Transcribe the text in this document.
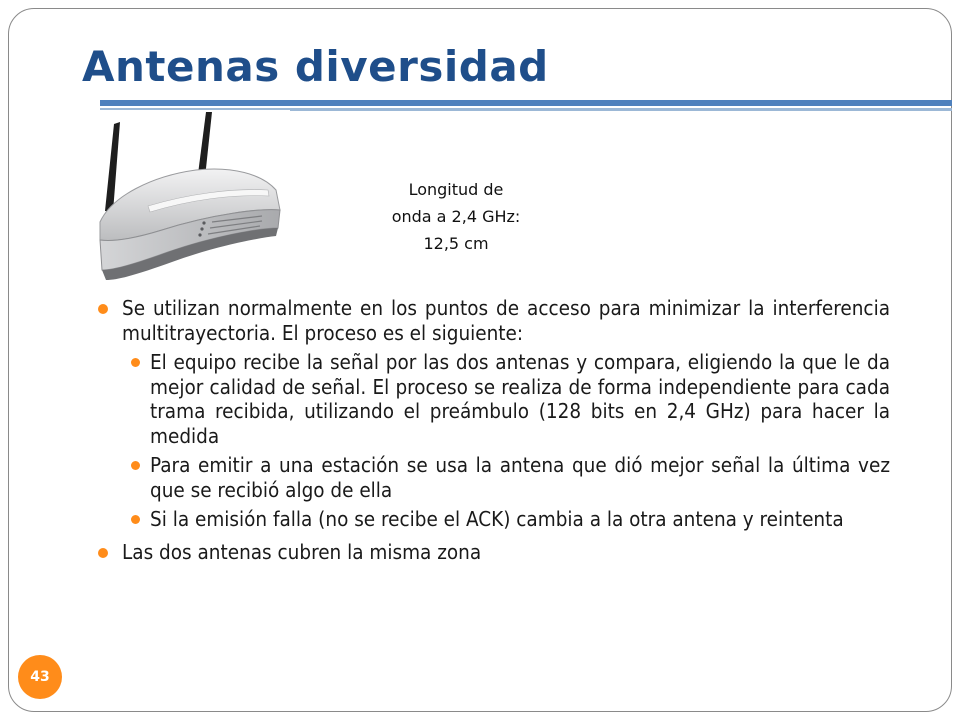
Antenas diversidad
Longitud de
onda a 2,4 GHz:
12,5 cm
Se utilizan normalmente en los puntos de acceso para minimizar la interferencia multitrayectoria. El proceso es el siguiente:
El equipo recibe la señal por las dos antenas y compara, eligiendo la que le da mejor calidad de señal. El proceso se realiza de forma independiente para cada trama recibida, utilizando el preámbulo (128 bits en 2,4 GHz) para hacer la medida
Para emitir a una estación se usa la antena que dió mejor señal la última vez que se recibió algo de ella
Si la emisión falla (no se recibe el ACK) cambia a la otra antena y reintenta
Las dos antenas cubren la misma zona
43
